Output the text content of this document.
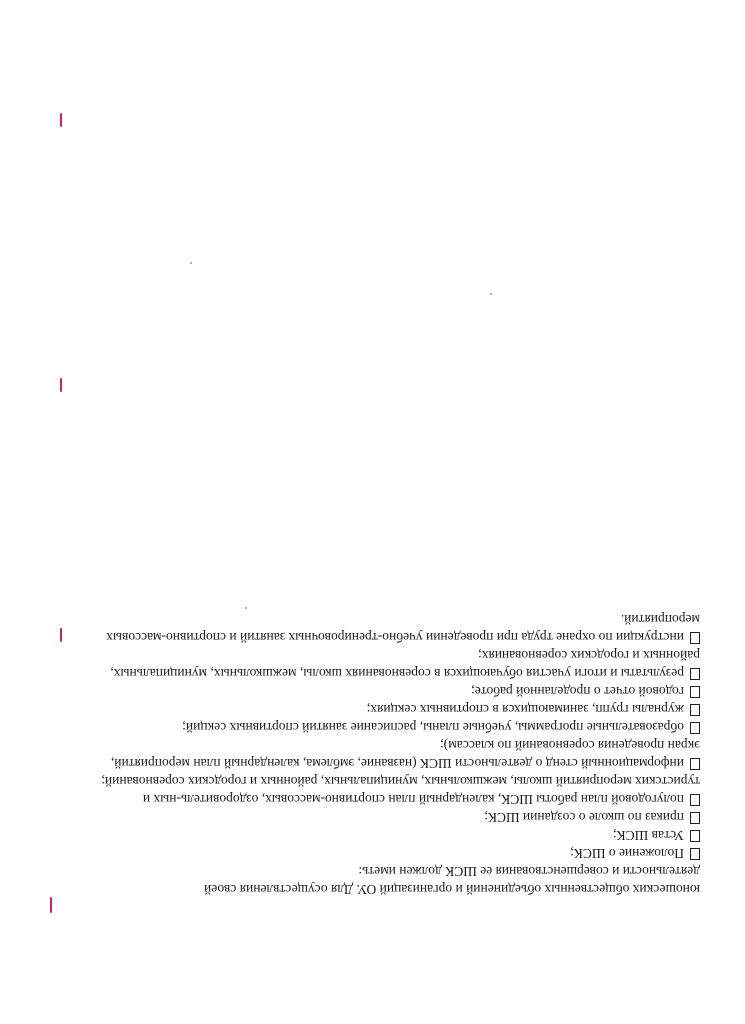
юношеских общественных объединений и организаций ОУ. Для осуществления своей
деятельности и совершенствования ее ШСК должен иметь:

Положение о ШСК;
Устав ШСК;
приказ по школе о создании ШСК;
полугодовой план работы ШСК, календарный план спортивно-массовых, оздоровитель-ных и туристских мероприятий школы, межшкольных, муниципальных, районных и городских соревнований;
информационный стенд о деятельности ШСК (название, эмблема, календарный план мероприятий, экран проведения соревнований по классам);
образовательные программы, учебные планы, расписание занятий спортивных секций;
журналы групп, занимающихся в спортивных секциях;
годовой отчет о проделанной работе;
результаты и итоги участия обучающихся в соревнованиях школы, межшкольных, муниципальных, районных и городских соревнованиях;
инструкции по охране труда при проведении учебно-тренировочных занятий и спортивно-массовых мероприятий.
